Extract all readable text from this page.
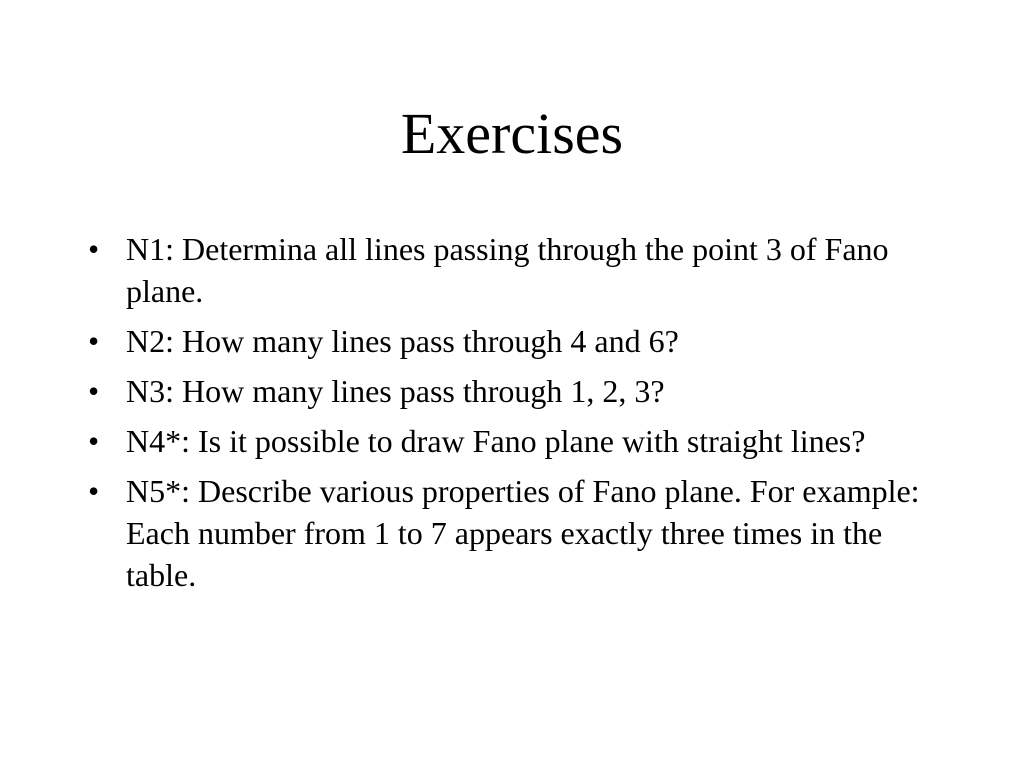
Exercises
• N1: Determina all lines passing through the point 3 of Fano plane.
• N2: How many lines pass through 4 and 6?
• N3: How many lines pass through 1, 2, 3?
• N4*: Is it possible to draw Fano plane with straight lines?
• N5*: Describe various properties of Fano plane. For example: Each number from 1 to 7 appears exactly three times in the table.
